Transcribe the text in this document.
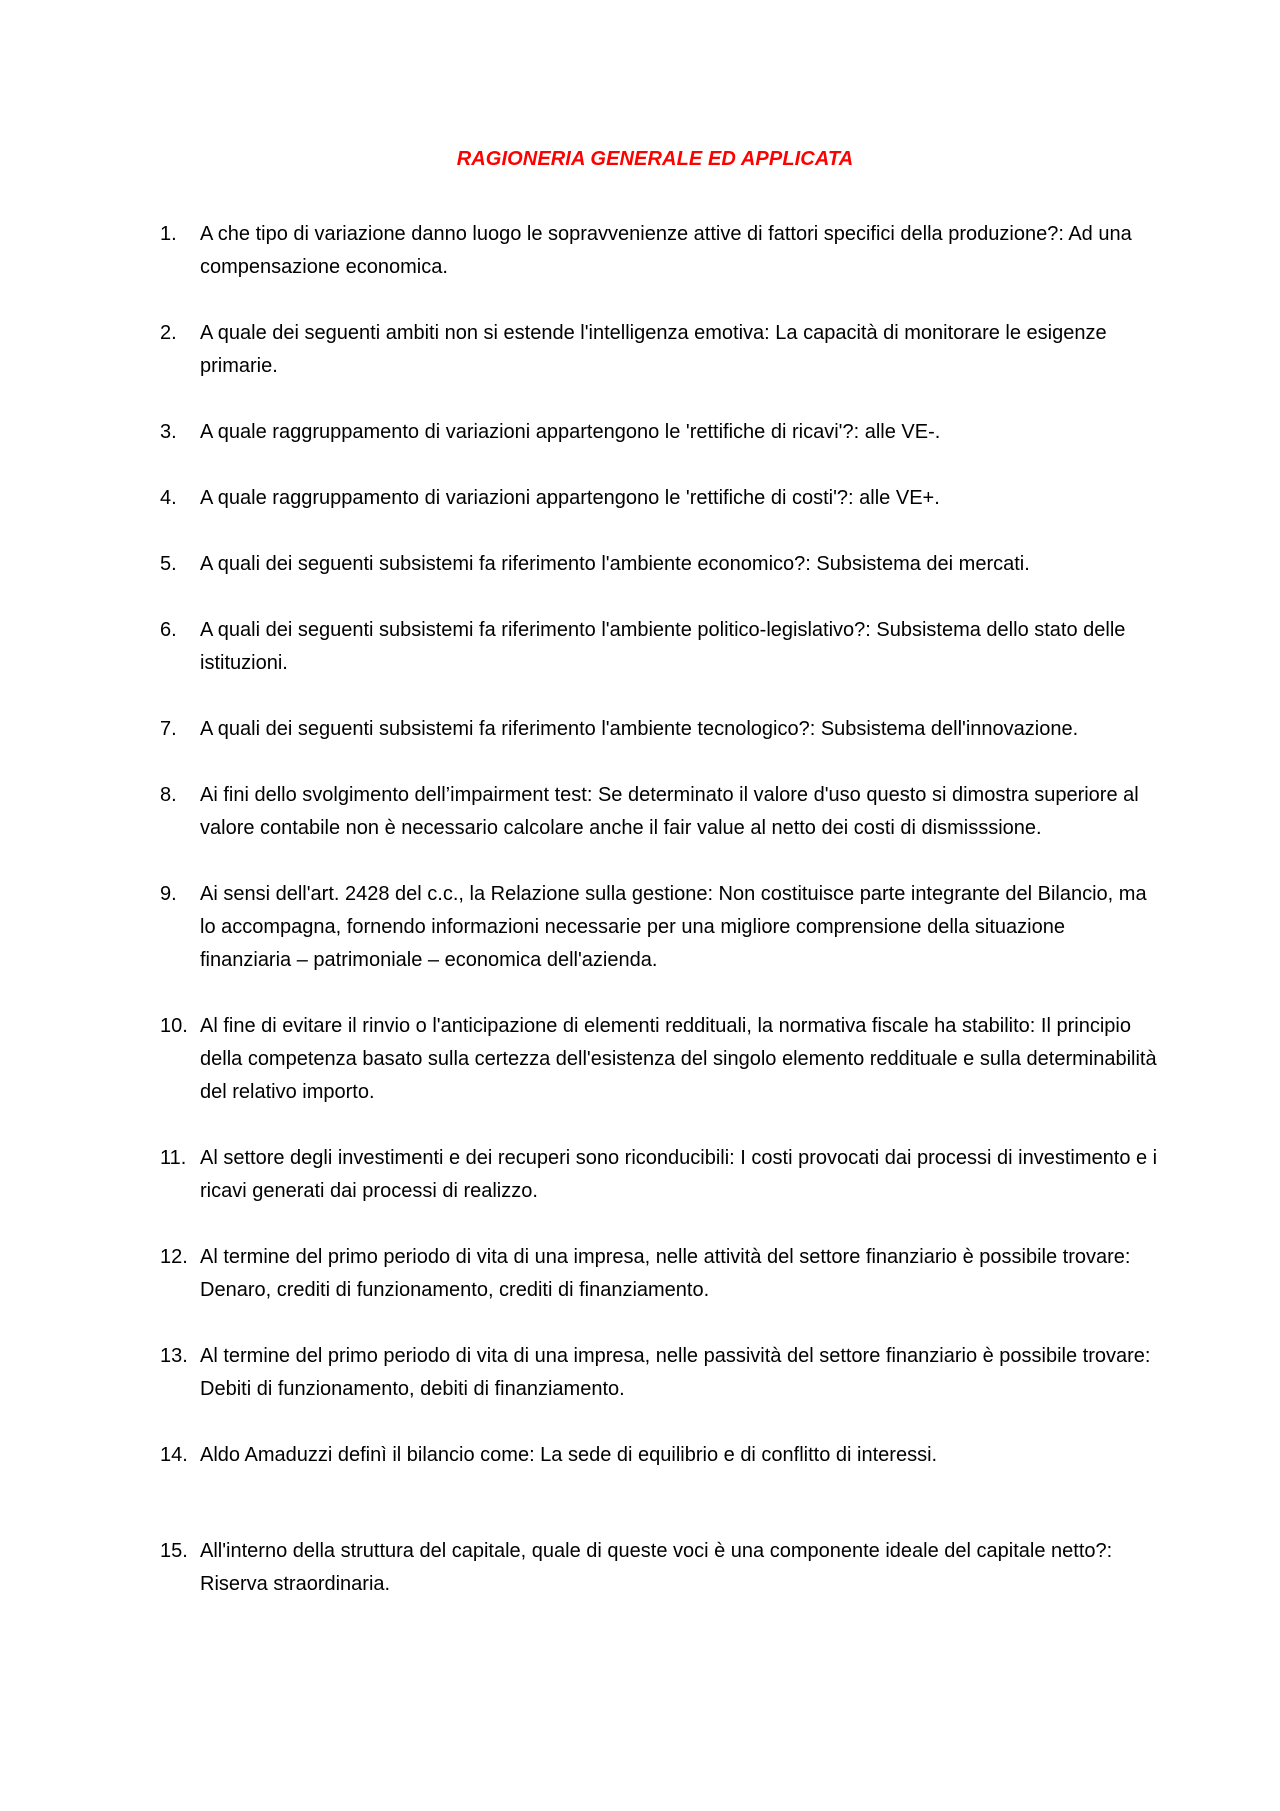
RAGIONERIA GENERALE ED APPLICATA
1. A che tipo di variazione danno luogo le sopravvenienze attive di fattori specifici della produzione?: Ad una compensazione economica.
2. A quale dei seguenti ambiti non si estende l'intelligenza emotiva: La capacità di monitorare le esigenze primarie.
3. A quale raggruppamento di variazioni appartengono le 'rettifiche di ricavi'?: alle VE-.
4. A quale raggruppamento di variazioni appartengono le 'rettifiche di costi'?: alle VE+.
5. A quali dei seguenti subsistemi fa riferimento l'ambiente economico?: Subsistema dei mercati.
6. A quali dei seguenti subsistemi fa riferimento l'ambiente politico-legislativo?: Subsistema dello stato delle istituzioni.
7. A quali dei seguenti subsistemi fa riferimento l'ambiente tecnologico?: Subsistema dell'innovazione.
8. Ai fini dello svolgimento dell’impairment test: Se determinato il valore d'uso questo si dimostra superiore al valore contabile non è necessario calcolare anche il fair value al netto dei costi di dismisssione.
9. Ai sensi dell'art. 2428 del c.c., la Relazione sulla gestione: Non costituisce parte integrante del Bilancio, ma lo accompagna, fornendo informazioni necessarie per una migliore comprensione della situazione finanziaria – patrimoniale – economica dell'azienda.
10. Al fine di evitare il rinvio o l'anticipazione di elementi reddituali, la normativa fiscale ha stabilito: Il principio della competenza basato sulla certezza dell'esistenza del singolo elemento reddituale e sulla determinabilità del relativo importo.
11. Al settore degli investimenti e dei recuperi sono riconducibili: I costi provocati dai processi di investimento e i ricavi generati dai processi di realizzo.
12. Al termine del primo periodo di vita di una impresa, nelle attività del settore finanziario è possibile trovare: Denaro, crediti di funzionamento, crediti di finanziamento.
13. Al termine del primo periodo di vita di una impresa, nelle passività del settore finanziario è possibile trovare: Debiti di funzionamento, debiti di finanziamento.
14. Aldo Amaduzzi definì il bilancio come: La sede di equilibrio e di conflitto di interessi.
15. All'interno della struttura del capitale, quale di queste voci è una componente ideale del capitale netto?: Riserva straordinaria.
